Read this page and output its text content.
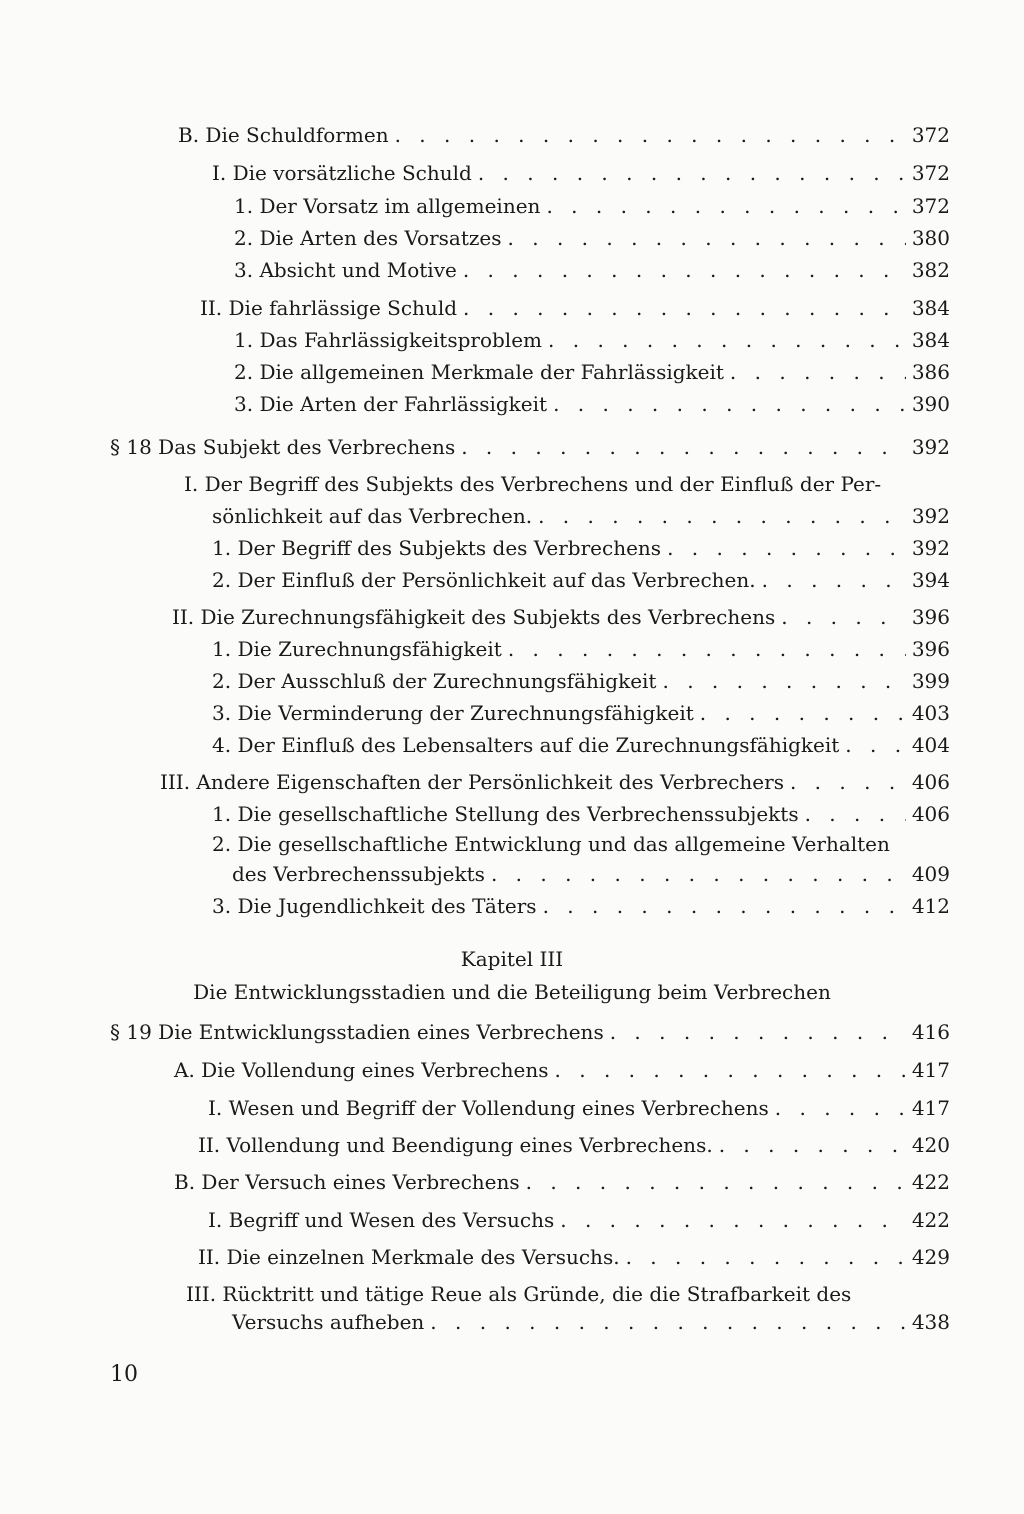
B. Die Schuldformen . . .	372
I. Die vorsätzliche Schuld . . .	372
1. Der Vorsatz im allgemeinen . . .	372
2. Die Arten des Vorsatzes . . .	380
3. Absicht und Motive . . .	382
II. Die fahrlässige Schuld . . .	384
1. Das Fahrlässigkeitsproblem . . .	384
2. Die allgemeinen Merkmale der Fahrlässigkeit . . .	386
3. Die Arten der Fahrlässigkeit . . .	390
§ 18 Das Subjekt des Verbrechens . . .	392
I. Der Begriff des Subjekts des Verbrechens und der Einfluß der Per-
sönlichkeit auf das Verbrechen. . . .	392
1. Der Begriff des Subjekts des Verbrechens . . .	392
2. Der Einfluß der Persönlichkeit auf das Verbrechen. . . .	394
II. Die Zurechnungsfähigkeit des Subjekts des Verbrechens . . .	396
1. Die Zurechnungsfähigkeit . . .	396
2. Der Ausschluß der Zurechnungsfähigkeit . . .	399
3. Die Verminderung der Zurechnungsfähigkeit . . .	403
4. Der Einfluß des Lebensalters auf die Zurechnungsfähigkeit . . .	404
III. Andere Eigenschaften der Persönlichkeit des Verbrechers . . .	406
1. Die gesellschaftliche Stellung des Verbrechenssubjekts . . .	406
2. Die gesellschaftliche Entwicklung und das allgemeine Verhalten
des Verbrechenssubjekts . . .	409
3. Die Jugendlichkeit des Täters . . .	412
Kapitel III
Die Entwicklungsstadien und die Beteiligung beim Verbrechen
§ 19 Die Entwicklungsstadien eines Verbrechens . . .	416
A. Die Vollendung eines Verbrechens . . .	417
I. Wesen und Begriff der Vollendung eines Verbrechens . . .	417
II. Vollendung und Beendigung eines Verbrechens. . . .	420
B. Der Versuch eines Verbrechens . . .	422
I. Begriff und Wesen des Versuchs . . .	422
II. Die einzelnen Merkmale des Versuchs. . . .	429
III. Rücktritt und tätige Reue als Gründe, die die Strafbarkeit des
Versuchs aufheben . . .	438
10
